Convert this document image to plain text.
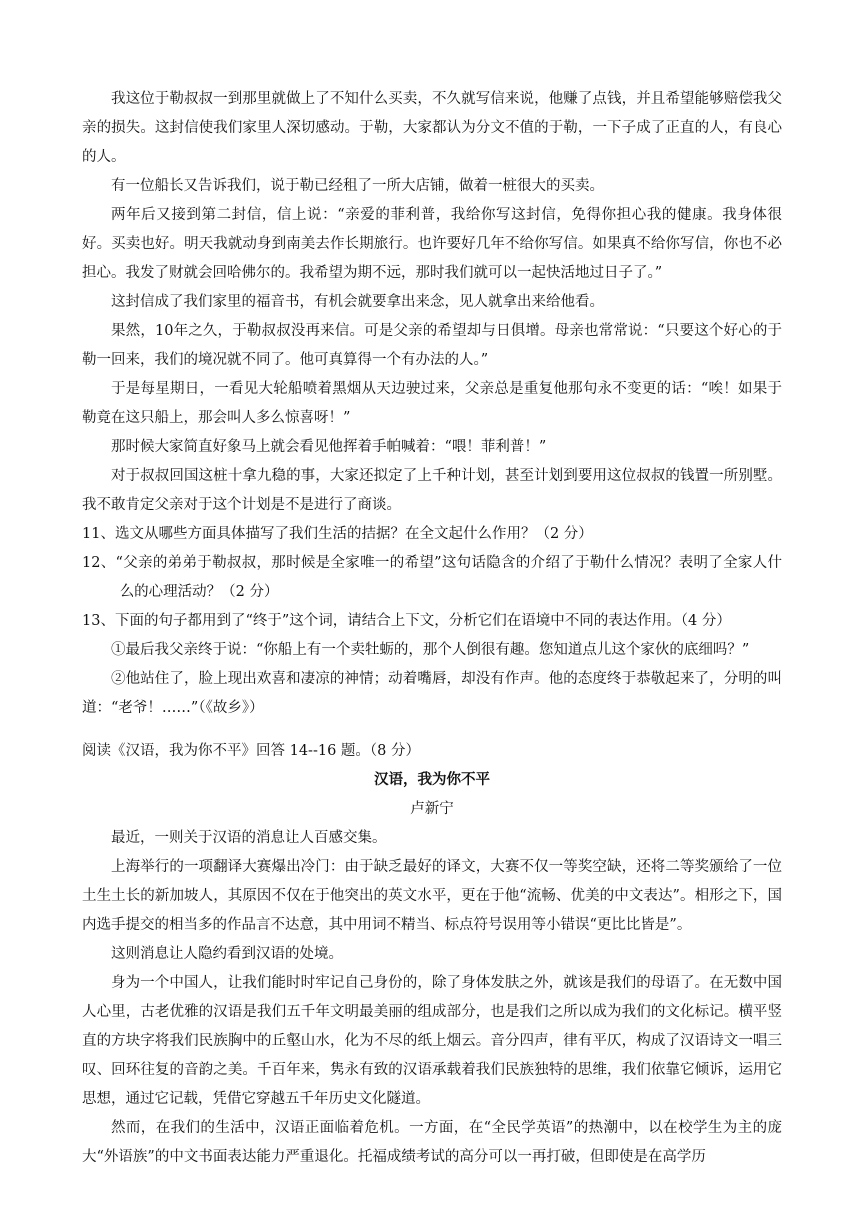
我这位于勒叔叔一到那里就做上了不知什么买卖，不久就写信来说，他赚了点钱，并且希望能够赔偿我父亲的损失。这封信使我们家里人深切感动。于勒，大家都认为分文不值的于勒，一下子成了正直的人，有良心的人。

有一位船长又告诉我们，说于勒已经租了一所大店铺，做着一桩很大的买卖。

两年后又接到第二封信，信上说：“亲爱的菲利普，我给你写这封信，免得你担心我的健康。我身体很好。买卖也好。明天我就动身到南美去作长期旅行。也许要好几年不给你写信。如果真不给你写信，你也不必担心。我发了财就会回哈佛尔的。我希望为期不远，那时我们就可以一起快活地过日子了。”

这封信成了我们家里的福音书，有机会就要拿出来念，见人就拿出来给他看。

果然，10年之久，于勒叔叔没再来信。可是父亲的希望却与日俱增。母亲也常常说：“只要这个好心的于勒一回来，我们的境况就不同了。他可真算得一个有办法的人。”

于是每星期日，一看见大轮船喷着黑烟从天边驶过来，父亲总是重复他那句永不变更的话：“唉！如果于勒竟在这只船上，那会叫人多么惊喜呀！”

那时候大家简直好象马上就会看见他挥着手帕喊着：“喂！菲利普！”

对于叔叔回国这桩十拿九稳的事，大家还拟定了上千种计划，甚至计划到要用这位叔叔的钱置一所别墅。我不敢肯定父亲对于这个计划是不是进行了商谈。

11、选文从哪些方面具体描写了我们生活的拮据？在全文起什么作用？（2 分）

12、“父亲的弟弟于勒叔叔，那时候是全家唯一的希望”这句话隐含的介绍了于勒什么情况？表明了全家人什么的心理活动？（2 分）

13、下面的句子都用到了“终于”这个词，请结合上下文，分析它们在语境中不同的表达作用。（4 分）

①最后我父亲终于说：“你船上有一个卖牡蛎的，那个人倒很有趣。您知道点儿这个家伙的底细吗？”

②他站住了，脸上现出欢喜和凄凉的神情；动着嘴唇，却没有作声。他的态度终于恭敬起来了，分明的叫道：“老爷！……”（《故乡》）

阅读《汉语，我为你不平》回答 14--16 题。（8 分）

汉语，我为你不平

卢新宁

最近，一则关于汉语的消息让人百感交集。

上海举行的一项翻译大赛爆出冷门：由于缺乏最好的译文，大赛不仅一等奖空缺，还将二等奖颁给了一位土生土长的新加坡人，其原因不仅在于他突出的英文水平，更在于他“流畅、优美的中文表达”。相形之下，国内选手提交的相当多的作品言不达意，其中用词不精当、标点符号误用等小错误“更比比皆是”。

这则消息让人隐约看到汉语的处境。

身为一个中国人，让我们能时时牢记自己身份的，除了身体发肤之外，就该是我们的母语了。在无数中国人心里，古老优雅的汉语是我们五千年文明最美丽的组成部分，也是我们之所以成为我们的文化标记。横平竖直的方块字将我们民族胸中的丘壑山水，化为不尽的纸上烟云。音分四声，律有平仄，构成了汉语诗文一唱三叹、回环往复的音韵之美。千百年来，隽永有致的汉语承载着我们民族独特的思维，我们依靠它倾诉，运用它思想，通过它记载，凭借它穿越五千年历史文化隧道。

然而，在我们的生活中，汉语正面临着危机。一方面，在“全民学英语”的热潮中，以在校学生为主的庞大“外语族”的中文书面表达能力严重退化。托福成绩考试的高分可以一再打破，但即使是在高学历
